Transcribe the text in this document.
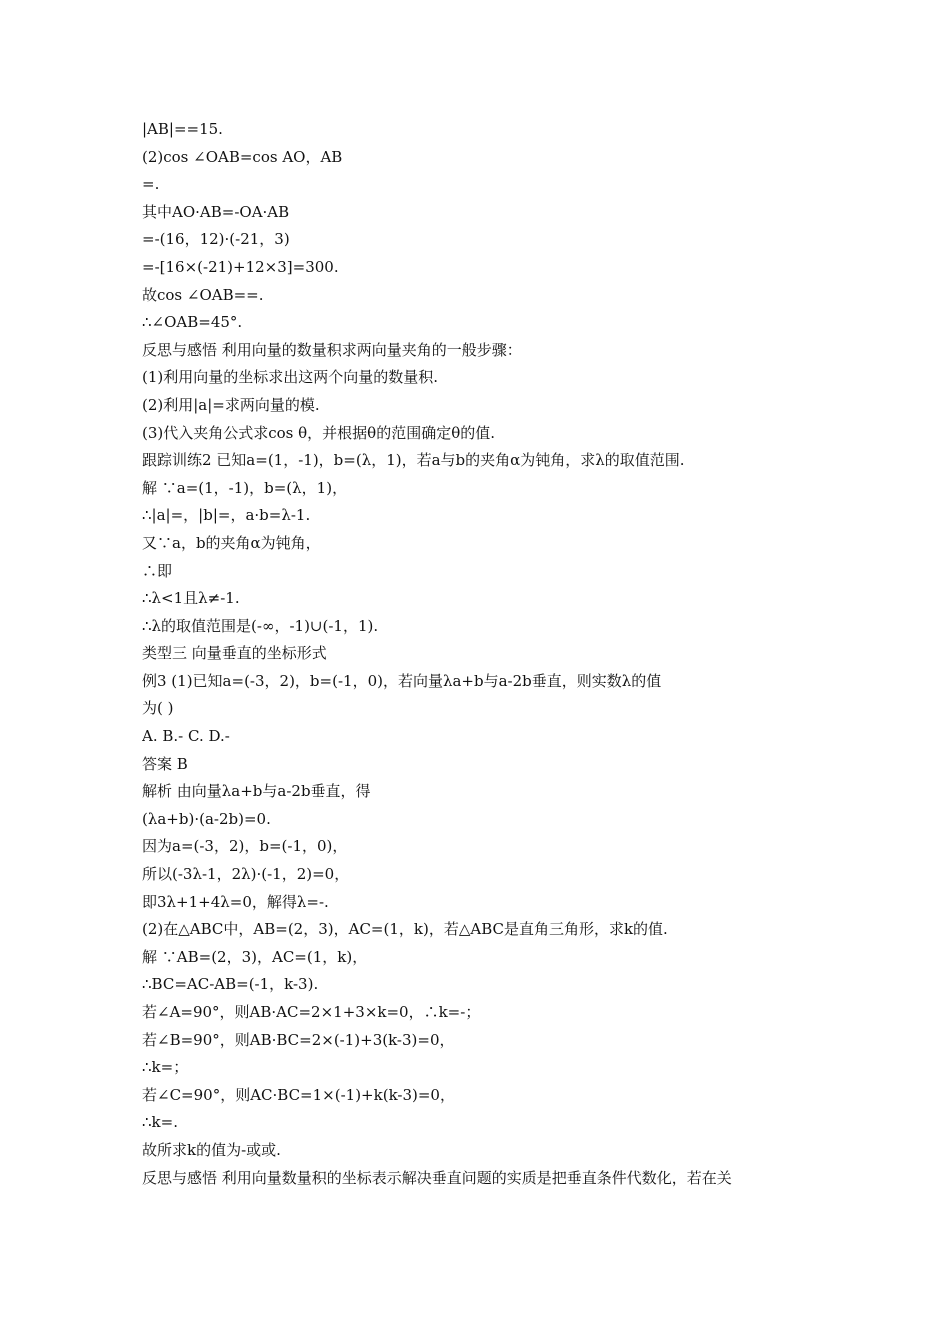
|AB|==15.
(2)cos ∠OAB=cos AO，AB
=.
其中AO·AB=-OA·AB
=-(16，12)·(-21，3)
=-[16×(-21)+12×3]=300.
故cos ∠OAB==.
∴∠OAB=45°.
反思与感悟 利用向量的数量积求两向量夹角的一般步骤：
(1)利用向量的坐标求出这两个向量的数量积.
(2)利用|a|=求两向量的模.
(3)代入夹角公式求cos θ，并根据θ的范围确定θ的值.
跟踪训练2 已知a=(1，-1)，b=(λ，1)，若a与b的夹角α为钝角，求λ的取值范围.
解 ∵a=(1，-1)，b=(λ，1)，
∴|a|=，|b|=，a·b=λ-1.
又∵a，b的夹角α为钝角，
∴即
∴λ<1且λ≠-1.
∴λ的取值范围是(-∞，-1)∪(-1，1).
类型三 向量垂直的坐标形式
例3 (1)已知a=(-3，2)，b=(-1，0)，若向量λa+b与a-2b垂直，则实数λ的值
为( )
A. B.- C. D.-
答案 B
解析 由向量λa+b与a-2b垂直，得
(λa+b)·(a-2b)=0.
因为a=(-3，2)，b=(-1，0)，
所以(-3λ-1，2λ)·(-1，2)=0，
即3λ+1+4λ=0，解得λ=-.
(2)在△ABC中，AB=(2，3)，AC=(1，k)，若△ABC是直角三角形，求k的值.
解 ∵AB=(2，3)，AC=(1，k)，
∴BC=AC-AB=(-1，k-3).
若∠A=90°，则AB·AC=2×1+3×k=0，∴k=-；
若∠B=90°，则AB·BC=2×(-1)+3(k-3)=0，
∴k=；
若∠C=90°，则AC·BC=1×(-1)+k(k-3)=0，
∴k=.
故所求k的值为-或或.
反思与感悟 利用向量数量积的坐标表示解决垂直问题的实质是把垂直条件代数化，若在关
